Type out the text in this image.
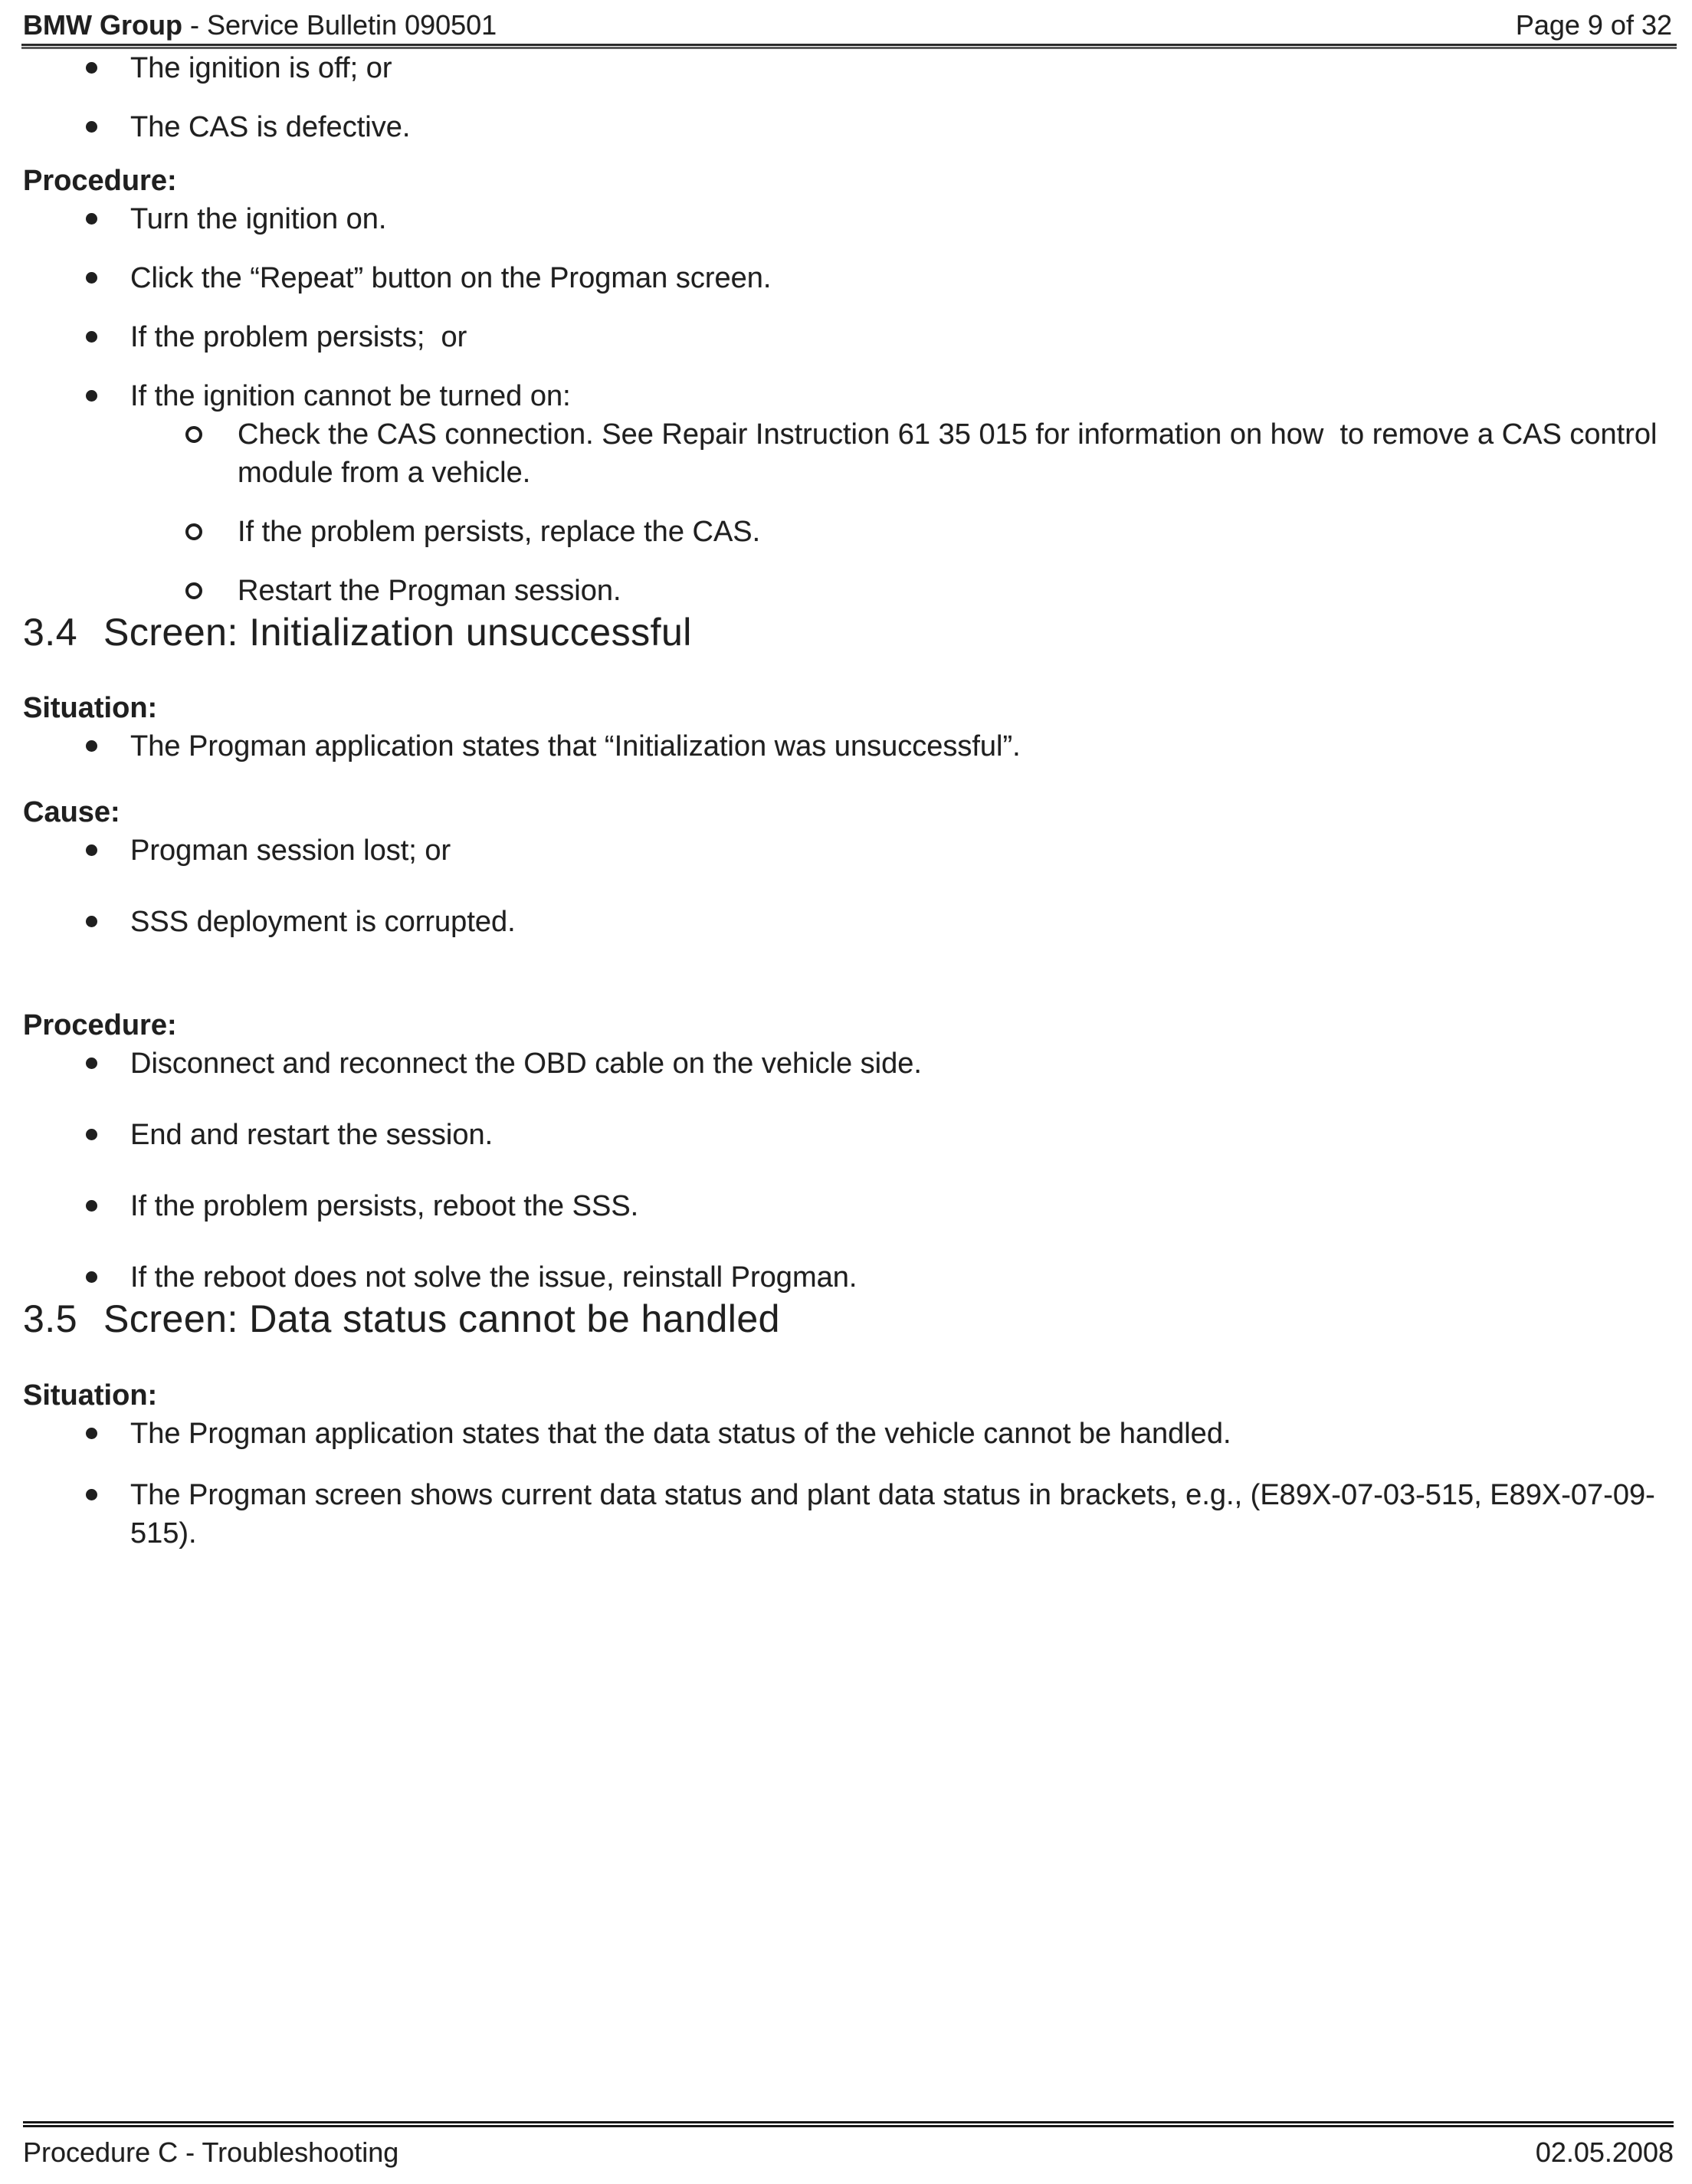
BMW Group - Service Bulletin 090501	Page 9 of 32
The ignition is off; or
The CAS is defective.
Procedure:
Turn the ignition on.
Click the “Repeat” button on the Progman screen.
If the problem persists;  or
If the ignition cannot be turned on:
Check the CAS connection. See Repair Instruction 61 35 015 for information on how  to remove a CAS control module from a vehicle.
If the problem persists, replace the CAS.
Restart the Progman session.
3.4 Screen: Initialization unsuccessful
Situation:
The Progman application states that “Initialization was unsuccessful”.
Cause:
Progman session lost; or
SSS deployment is corrupted.
Procedure:
Disconnect and reconnect the OBD cable on the vehicle side.
End and restart the session.
If the problem persists, reboot the SSS.
If the reboot does not solve the issue, reinstall Progman.
3.5 Screen: Data status cannot be handled
Situation:
The Progman application states that the data status of the vehicle cannot be handled.
The Progman screen shows current data status and plant data status in brackets, e.g., (E89X-07-03-515, E89X-07-09-515).
Procedure C - Troubleshooting	02.05.2008
